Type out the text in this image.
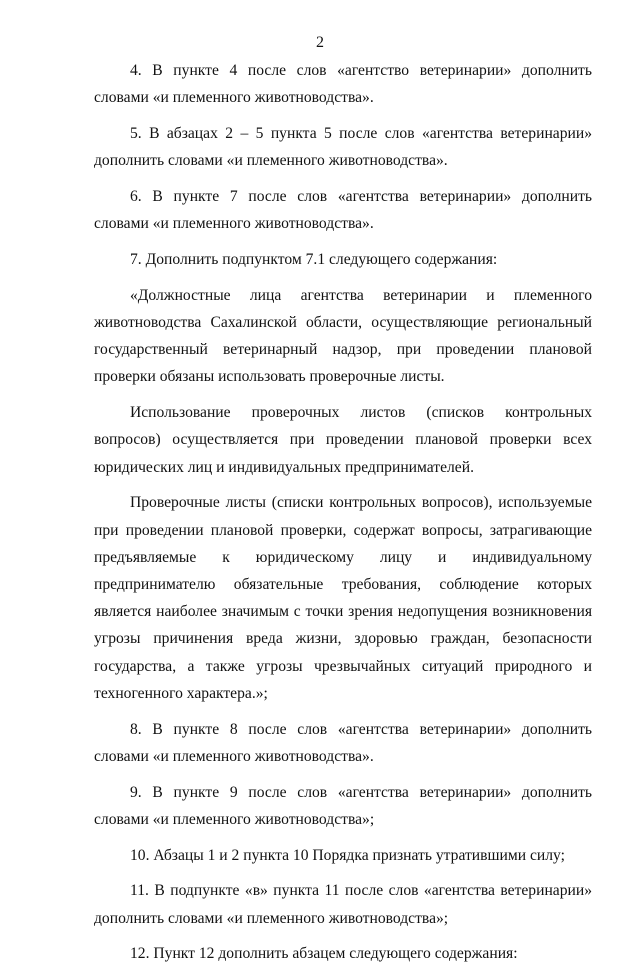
2

4. В пункте 4 после слов «агентство ветеринарии» дополнить словами «и племенного животноводства».

5. В абзацах 2 – 5 пункта 5 после слов «агентства ветеринарии» дополнить словами «и племенного животноводства».

6. В пункте 7 после слов «агентства ветеринарии» дополнить словами «и племенного животноводства».

7. Дополнить подпунктом 7.1 следующего содержания:

«Должностные лица агентства ветеринарии и племенного животноводства Сахалинской области, осуществляющие региональный государственный ветеринарный надзор, при проведении плановой проверки обязаны использовать проверочные листы.

Использование проверочных листов (списков контрольных вопросов) осуществляется при проведении плановой проверки всех юридических лиц и индивидуальных предпринимателей.

Проверочные листы (списки контрольных вопросов), используемые при проведении плановой проверки, содержат вопросы, затрагивающие предъявляемые к юридическому лицу и индивидуальному предпринимателю обязательные требования, соблюдение которых является наиболее значимым с точки зрения недопущения возникновения угрозы причинения вреда жизни, здоровью граждан, безопасности государства, а также угрозы чрезвычайных ситуаций природного и техногенного характера.»;

8. В пункте 8 после слов «агентства ветеринарии» дополнить словами «и племенного животноводства».

9. В пункте 9 после слов «агентства ветеринарии» дополнить словами «и племенного животноводства»;

10. Абзацы 1 и 2 пункта 10 Порядка признать утратившими силу;

11. В подпункте «в» пункта 11 после слов «агентства ветеринарии» дополнить словами «и племенного животноводства»;

12. Пункт 12 дополнить абзацем следующего содержания:
